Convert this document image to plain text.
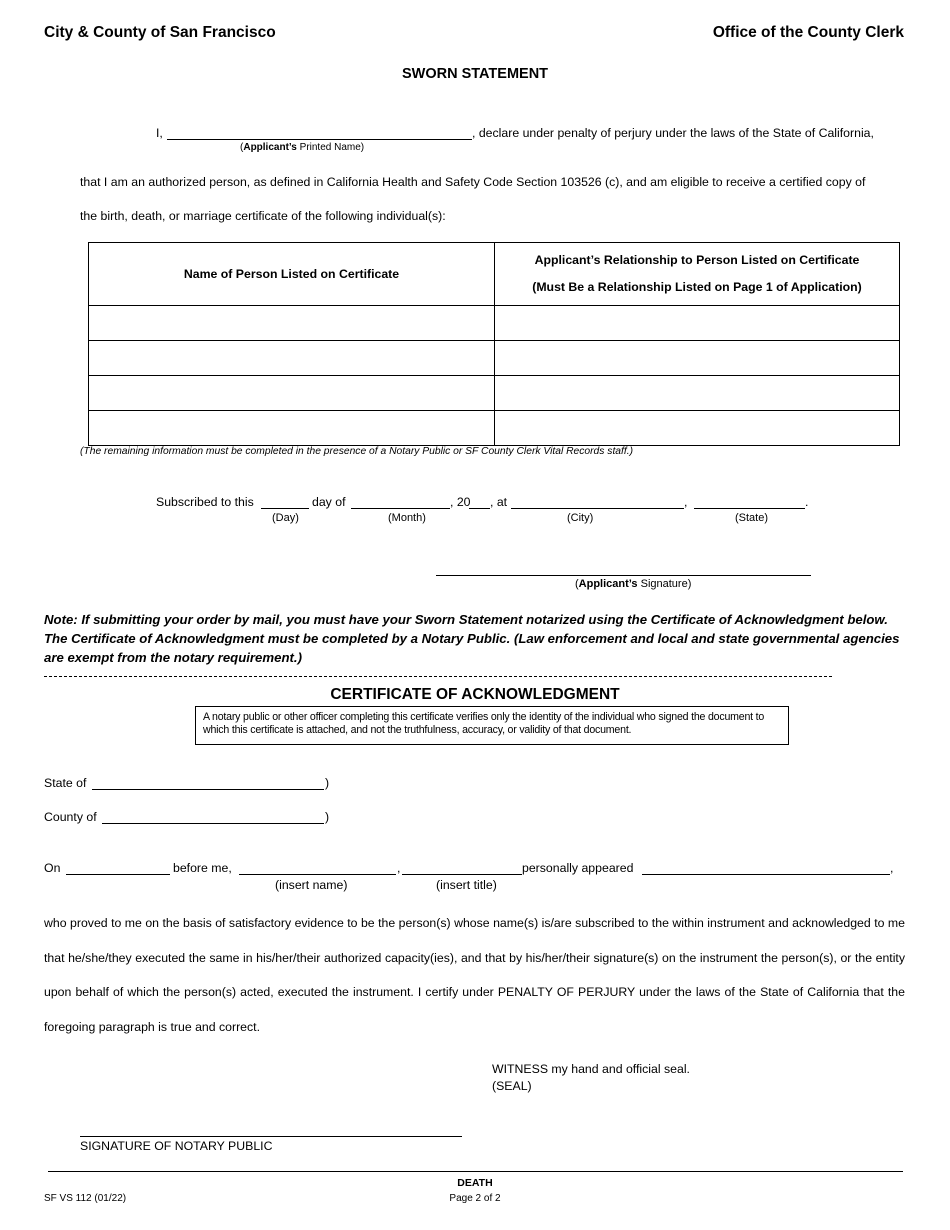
City & County of San Francisco	Office of the County Clerk
SWORN STATEMENT
I,	, declare under penalty of perjury under the laws of the State of California,
(Applicant’s Printed Name)
that I am an authorized person, as defined in California Health and Safety Code Section 103526 (c), and am eligible to receive a certified copy of
the birth, death, or marriage certificate of the following individual(s):
Name of Person Listed on Certificate	Applicant’s Relationship to Person Listed on Certificate
(Must Be a Relationship Listed on Page 1 of Application)

(The remaining information must be completed in the presence of a Notary Public or SF County Clerk Vital Records staff.)
Subscribed to this	day of	, 20 , at	,	.
(Day)	(Month)	(City)	(State)
(Applicant’s Signature)
Note: If submitting your order by mail, you must have your Sworn Statement notarized using the Certificate of Acknowledgment below. The Certificate of Acknowledgment must be completed by a Notary Public. (Law enforcement and local and state governmental agencies are exempt from the notary requirement.)
CERTIFICATE OF ACKNOWLEDGMENT
A notary public or other officer completing this certificate verifies only the identity of the individual who signed the document to which this certificate is attached, and not the truthfulness, accuracy, or validity of that document.
State of	)
County of	)
On	before me,	,	personally appeared	,
(insert name)	(insert title)
who proved to me on the basis of satisfactory evidence to be the person(s) whose name(s) is/are subscribed to the within instrument and acknowledged to me that he/she/they executed the same in his/her/their authorized capacity(ies), and that by his/her/their signature(s) on the instrument the person(s), or the entity upon behalf of which the person(s) acted, executed the instrument. I certify under PENALTY OF PERJURY under the laws of the State of California that the foregoing paragraph is true and correct.
WITNESS my hand and official seal.
(SEAL)
SIGNATURE OF NOTARY PUBLIC
DEATH
SF VS 112 (01/22)	Page 2 of 2
